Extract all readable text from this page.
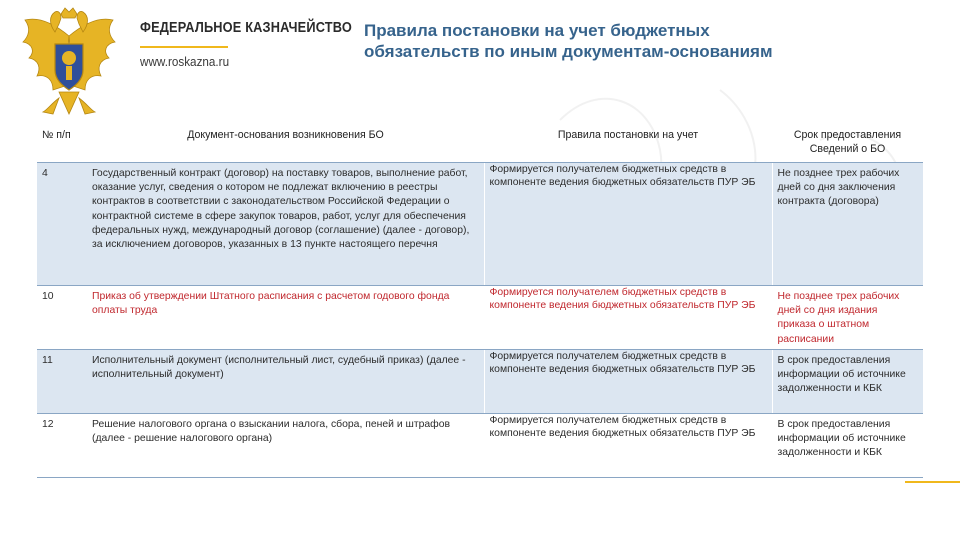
ФЕДЕРАЛЬНОЕ КАЗНАЧЕЙСТВО
www.roskazna.ru
Правила постановки на учет бюджетных
обязательств по иным документам-основаниям
№ п/п	Документ-основания возникновения БО	Правила постановки на учет	Срок предоставления Сведений о БО
4	Государственный контракт (договор) на поставку товаров, выполнение работ, оказание услуг, сведения о котором не подлежат включению в реестры контрактов в соответствии с законодательством Российской Федерации о контрактной системе в сфере закупок товаров, работ, услуг для обеспечения федеральных нужд, международный договор (соглашение) (далее - договор), за исключением договоров, указанных в 13 пункте настоящего перечня	Формируется получателем бюджетных средств в компоненте ведения бюджетных обязательств ПУР ЭБ	Не позднее трех рабочих дней со дня заключения контракта (договора)
10	Приказ об утверждении Штатного расписания с расчетом годового фонда оплаты труда	Формируется получателем бюджетных средств в компоненте ведения бюджетных обязательств ПУР ЭБ	Не позднее трех рабочих дней со дня издания приказа о штатном расписании
11	Исполнительный документ (исполнительный лист, судебный приказ) (далее - исполнительный документ)	Формируется получателем бюджетных средств в компоненте ведения бюджетных обязательств ПУР ЭБ	В срок предоставления информации об источнике задолженности и КБК
12	Решение налогового органа о взыскании налога, сбора, пеней и штрафов (далее - решение налогового органа)	Формируется получателем бюджетных средств в компоненте ведения бюджетных обязательств ПУР ЭБ	В срок предоставления информации об источнике задолженности и КБК
